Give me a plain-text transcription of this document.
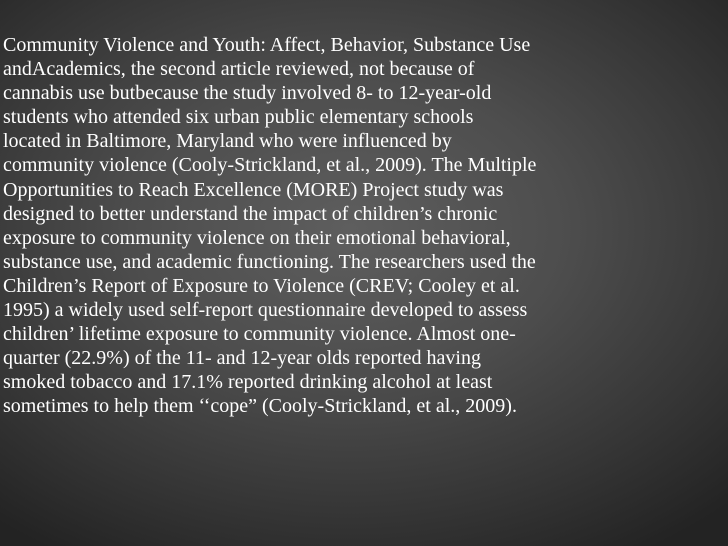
Community Violence and Youth: Affect, Behavior, Substance Use
andAcademics, the second article reviewed, not because of
cannabis use butbecause the study involved 8- to 12-year-old
students who attended six urban public elementary schools
located in Baltimore, Maryland who were influenced by
community violence (Cooly-Strickland, et al., 2009). The Multiple
Opportunities to Reach Excellence (MORE) Project study was
designed to better understand the impact of children’s chronic
exposure to community violence on their emotional behavioral,
substance use, and academic functioning. The researchers used the
Children’s Report of Exposure to Violence (CREV; Cooley et al.
1995) a widely used self-report questionnaire developed to assess
children’ lifetime exposure to community violence. Almost one-
quarter (22.9%) of the 11- and 12-year olds reported having
smoked tobacco and 17.1% reported drinking alcohol at least
sometimes to help them ‘‘cope” (Cooly-Strickland, et al., 2009).
